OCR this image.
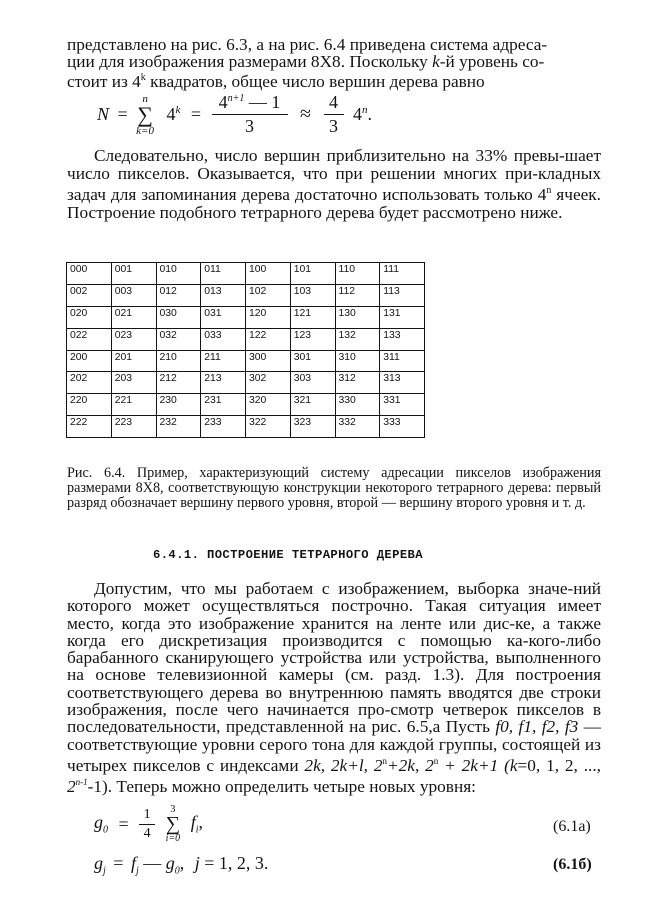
представлено на рис. 6.3, а на рис. 6.4 приведена система адреса-

ции для изображения размерами 8Х8. Поскольку k-й уровень со-

стоит из 4$^k$ квадратов, общее число вершин дерева равно

N =
n
∑
k=0
$4^k = \frac{4^{n+1} — 1}{3} \approx \frac{4}{3} 4^n$.

Следовательно, число вершин приблизительно на 33% превы-шает число пикселов. Оказывается, что при решении многих при-кладных задач для запоминания дерева достаточно использовать только 4$^n$ ячеек. Построение подобного тетрарного дерева будет рассмотрено ниже.

000	001	010	011	100	101	110	111
002	003	012	013	102	103	112	113
020	021	030	031	120	121	130	131
022	023	032	033	122	123	132	133
200	201	210	211	300	301	310	311
202	203	212	213	302	303	312	313
220	221	230	231	320	321	330	331
222	223	232	233	322	323	332	333

Рис. 6.4. Пример, характеризующий систему адресации пикселов изображения размерами 8Х8, соответствующую конструкции некоторого тетрарного дерева: первый разряд обозначает вершину первого уровня, второй — вершину второго уровня и т. д.

6.4.1. ПОСТРОЕНИЕ ТЕТРАРНОГО ДЕРЕВА

Допустим, что мы работаем с изображением, выборка значе-ний которого может осуществляться построчно. Такая ситуация имеет место, когда это изображение хранится на ленте или дис-ке, а также когда его дискретизация производится с помощью ка-кого-либо барабанного сканирующего устройства или устройства, выполненного на основе телевизионной камеры (см. разд. 1.3). Для построения соответствующего дерева во внутреннюю память вводятся две строки изображения, после чего начинается про-смотр четверок пикселов в последовательности, представленной на рис. 6.5,а Пусть f0, f1, f2, f3 —соответствующие уровни серого тона для каждой группы, состоящей из четырех пикселов с индексами 2k, 2k+l, $2^n+2k$, $2^n + 2k+1$ (k=0, 1, 2, ..., 2$^{n-1}$-1). Теперь можно определить четыре новых уровня:

$g_0 = \frac{1}{4}$
	3
∑
i=0
$f_i$,	(6.1а)
$g_j = f_j$ — $g_0$, j = 1, 2, 3.	(6.1б)
